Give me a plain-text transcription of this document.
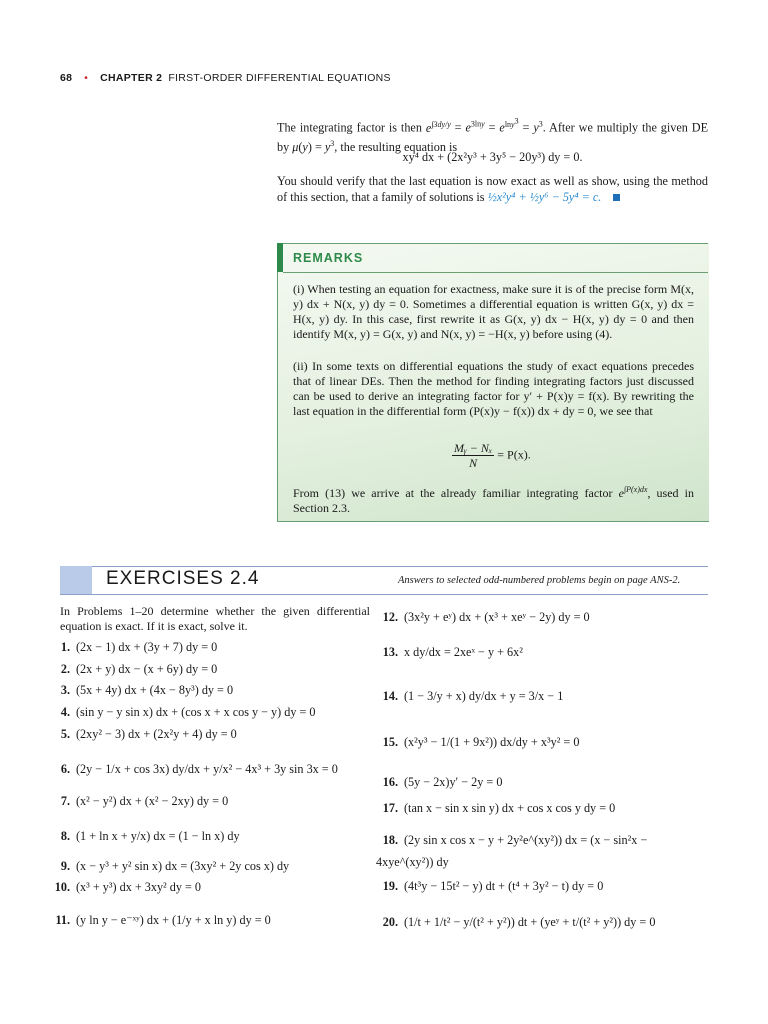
68 • CHAPTER 2 FIRST-ORDER DIFFERENTIAL EQUATIONS
The integrating factor is then $e^{\int 3dy/y} = e^{3lny} = e^{lny^3} = y^3$. After we multiply the given DE by $\mu(y) = y^3$, the resulting equation is
xy⁴ dx + (2x²y³ + 3y⁵ − 20y³) dy = 0.
You should verify that the last equation is now exact as well as show, using the method of this section, that a family of solutions is ½x²y⁴ + ½y⁶ − 5y⁴ = c.
REMARKS
(i) When testing an equation for exactness, make sure it is of the precise form M(x, y) dx + N(x, y) dy = 0. Sometimes a differential equation is written G(x, y) dx = H(x, y) dy. In this case, first rewrite it as G(x, y) dx − H(x, y) dy = 0 and then identify M(x, y) = G(x, y) and N(x, y) = −H(x, y) before using (4).
(ii) In some texts on differential equations the study of exact equations precedes that of linear DEs. Then the method for finding integrating factors just discussed can be used to derive an integrating factor for y′ + P(x)y = f(x). By rewriting the last equation in the differential form (P(x)y − f(x)) dx + dy = 0, we see that
$\frac{\text{Mᵧ − Nₓ}}{N} = P(x)$.
From (13) we arrive at the already familiar integrating factor $e^{\int P(x)dx}$, used in Section 2.3.
EXERCISES 2.4	Answers to selected odd-numbered problems begin on page ANS-2.
In Problems 1–20 determine whether the given differential equation is exact. If it is exact, solve it.
1. (2x − 1) dx + (3y + 7) dy = 0
2. (2x + y) dx − (x + 6y) dy = 0
3. (5x + 4y) dx + (4x − 8y³) dy = 0
4. (sin y − y sin x) dx + (cos x + x cos y − y) dy = 0
5. (2xy² − 3) dx + (2x²y + 4) dy = 0
6. (2y − 1/x + cos 3x) dy/dx + y/x² − 4x³ + 3y sin 3x = 0
7. (x² − y²) dx + (x² − 2xy) dy = 0
8. (1 + ln x + y/x) dx = (1 − ln x) dy
9. (x − y³ + y² sin x) dx = (3xy² + 2y cos x) dy
10. (x³ + y³) dx + 3xy² dy = 0
11. (y ln y − e⁻ˣʸ) dx + (1/y + x ln y) dy = 0
12. (3x²y + eʸ) dx + (x³ + xeʸ − 2y) dy = 0
13. x dy/dx = 2xeˣ − y + 6x²
14. (1 − 3/y + x) dy/dx + y = 3/x − 1
15. (x²y³ − 1/(1 + 9x²)) dx/dy + x³y² = 0
16. (5y − 2x)y′ − 2y = 0
17. (tan x − sin x sin y) dx + cos x cos y dy = 0
18. (2y sin x cos x − y + 2y²e^(xy²)) dx = (x − sin²x − 4xye^(xy²)) dy
19. (4t³y − 15t² − y) dt + (t⁴ + 3y² − t) dy = 0
20. (1/t + 1/t² − y/(t² + y²)) dt + (yeʸ + t/(t² + y²)) dy = 0
